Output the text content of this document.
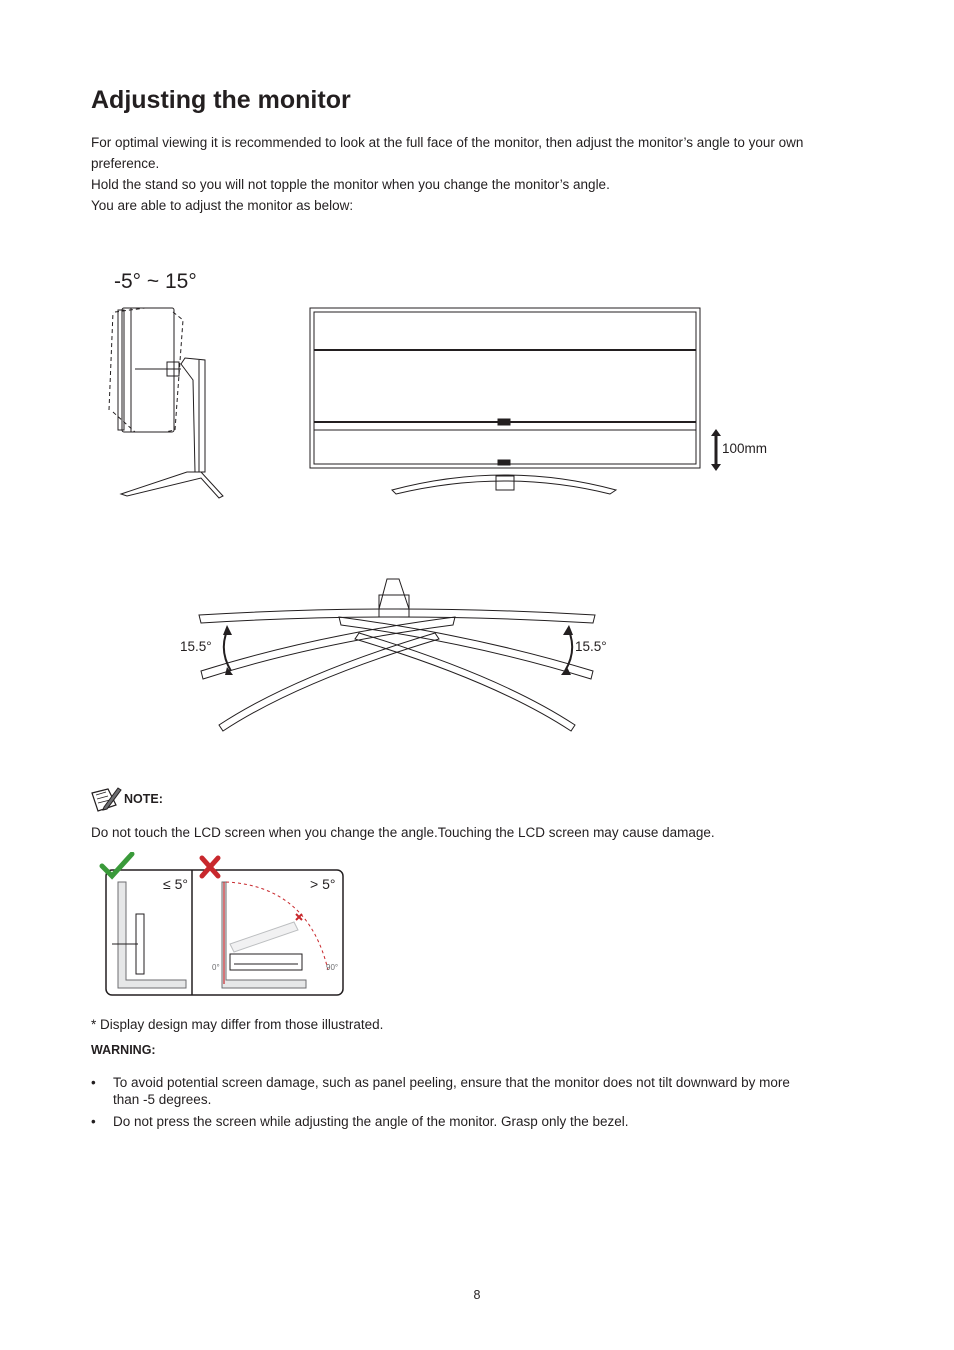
Adjusting the monitor
For optimal viewing it is recommended to look at the full face of the monitor, then adjust the monitor’s angle to your own
preference.
Hold the stand so you will not topple the monitor when you change the monitor’s angle.
You are able to adjust the monitor as below:
-5° ~ 15°
100mm
15.5°	15.5°
NOTE:
Do not touch the LCD screen when you change the angle.Touching the LCD screen may cause damage.
≤ 5°	> 5°
0°	90°
* Display design may differ from those illustrated.
WARNING:
• To avoid potential screen damage, such as panel peeling, ensure that the monitor does not tilt downward by more
than -5 degrees.
• Do not press the screen while adjusting the angle of the monitor. Grasp only the bezel.
8
